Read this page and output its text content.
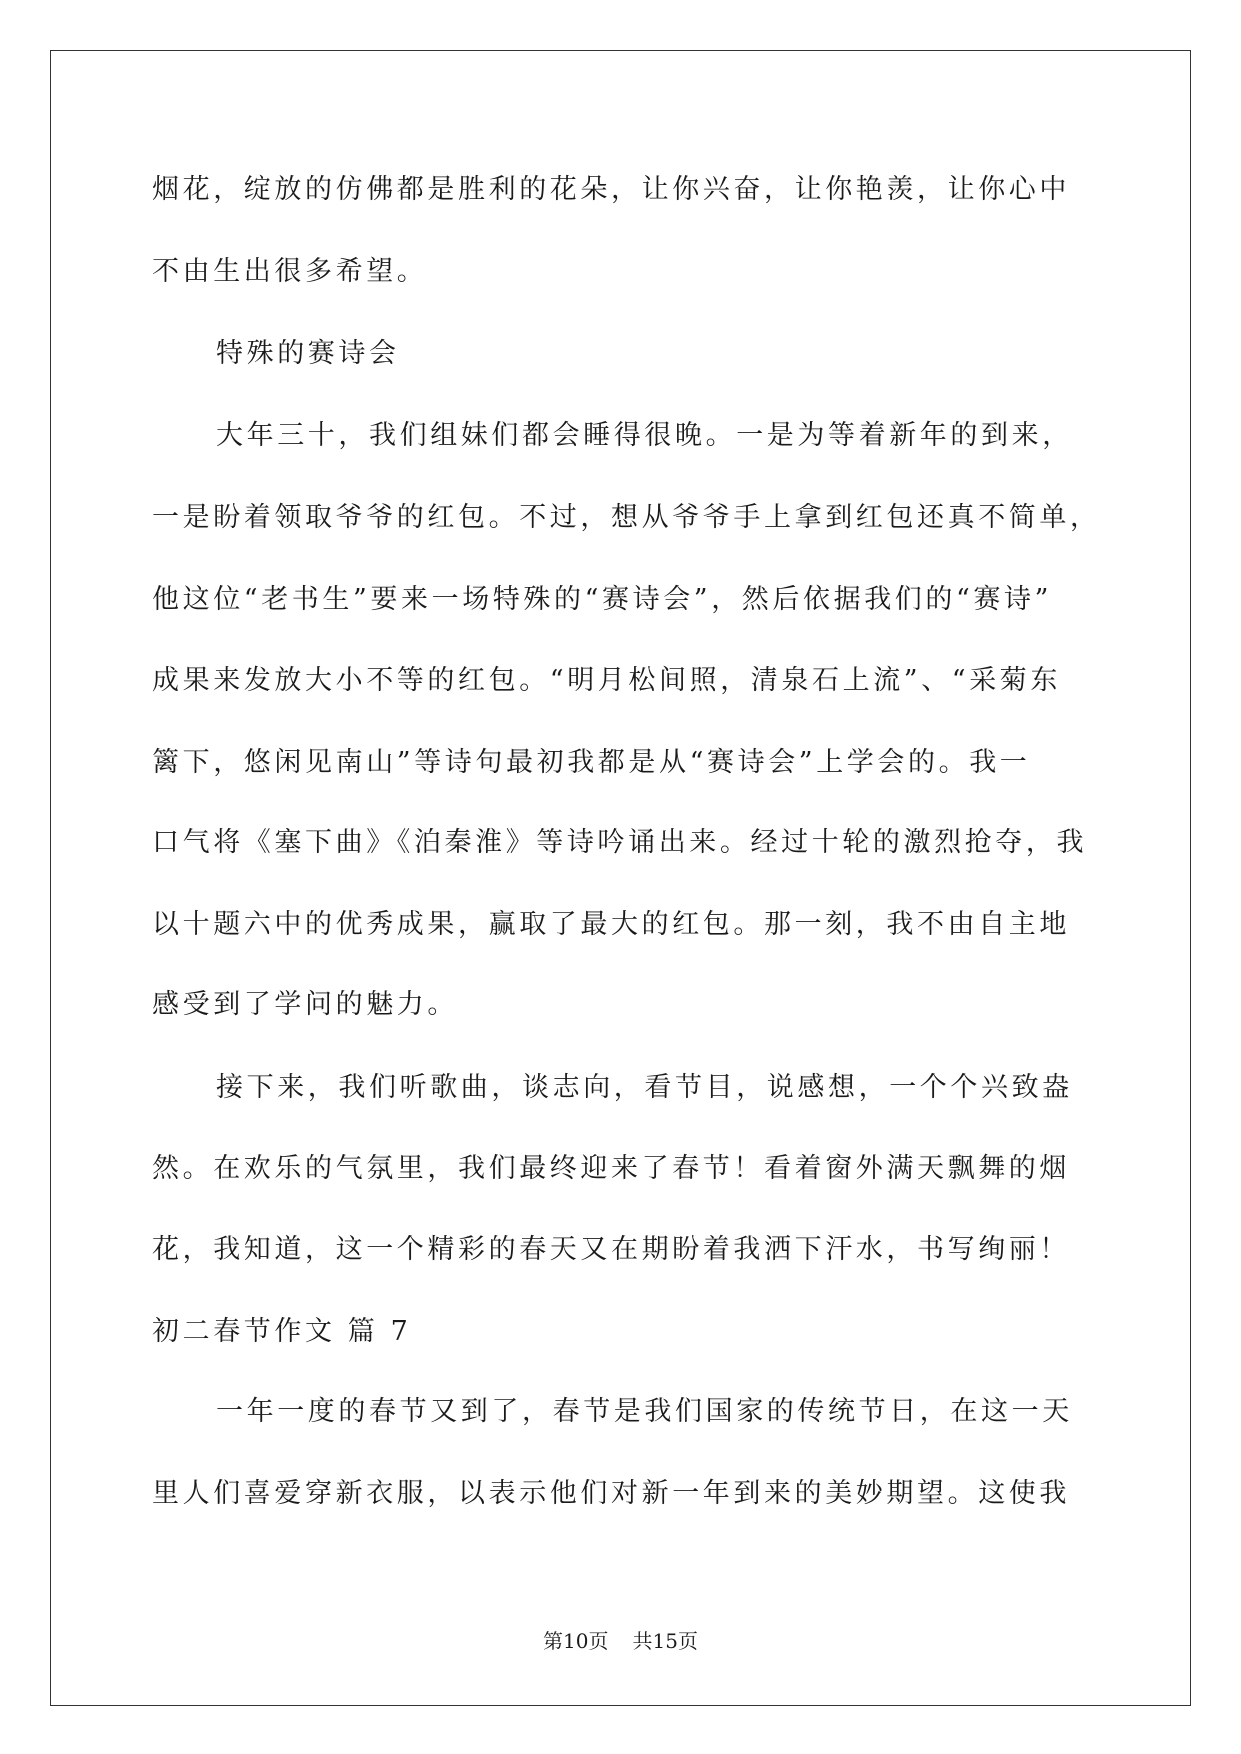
烟花，绽放的仿佛都是胜利的花朵，让你兴奋，让你艳羡，让你心中
不由生出很多希望。
特殊的赛诗会
大年三十，我们组妹们都会睡得很晚。一是为等着新年的到来，
一是盼着领取爷爷的红包。不过，想从爷爷手上拿到红包还真不简单，
他这位“老书生”要来一场特殊的“赛诗会”，然后依据我们的“赛诗”
成果来发放大小不等的红包。“明月松间照，清泉石上流”、“采菊东
篱下，悠闲见南山”等诗句最初我都是从“赛诗会”上学会的。我一
口气将《塞下曲》《泊秦淮》等诗吟诵出来。经过十轮的激烈抢夺，我
以十题六中的优秀成果，赢取了最大的红包。那一刻，我不由自主地
感受到了学问的魅力。
接下来，我们听歌曲，谈志向，看节目，说感想，一个个兴致盎
然。在欢乐的气氛里，我们最终迎来了春节！看着窗外满天飘舞的烟
花，我知道，这一个精彩的春天又在期盼着我洒下汗水，书写绚丽！
初二春节作文 篇 7
一年一度的春节又到了，春节是我们国家的传统节日，在这一天
里人们喜爱穿新衣服，以表示他们对新一年到来的美妙期望。这使我
第10页 共15页
